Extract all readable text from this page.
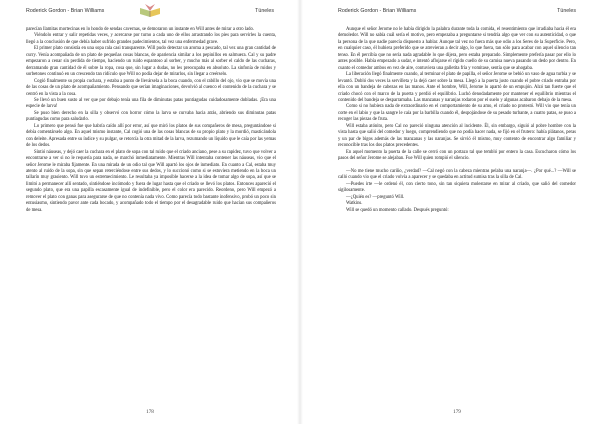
Roderick Gordon - Brian Williams	Túneles

parecían llamitas mortecinas en lo hondo de sendas cavernas, se demoraron un instante en Will antes de mirar a otro lado.

Viéndolo entrar y salir repetidas veces, y acercarse por turno a cada uno de ellos arrastrando los pies para servirles la cuenta, llegó a la conclusión de que debía haber sufrido grandes padecimientos, tal vez una enfermedad grave.

El primer plato consistía en una sopa rala casi transparente. Will pudo detectar un aroma a pescado, tal vez una gran cantidad de curry. Venía acompañada de un plato de pequeñas cosas blancas, de apariencia similar a los pepinillos en salmuera. Cal y su padre empezaron a cenar sin perdida de tiempo, haciendo un ruido espantoso al sorber, y mucho más al sorber el caldo de las cucharas, derramando gran cantidad de él sobre la ropa, cosa que, sin lugar a dudas, no les preocupaba en absoluto. La sinfonía de ruidos y sorbetones continuó en un crescendo tan ridículo que Will no podía dejar de mirarlos, sin llegar a creérselo.

Cogió finalmente su propia cuchara, y estaba a punto de llevársela a la boca cuando, con el rabillo del ojo, vio que se movía una de las cosas de un plato de acompañamiento. Pensando que serían imaginaciones, devolvió al cuenco el contenido de la cuchara y se centró en la vista a la cosa.

Se llevó un buen susto al ver que por debajo tenía una fila de diminutas patas puntiagudas cuidadosamente dobladas. ¡Era una especie de larva!

Se puso bien derecho en la silla y observó con horror cómo la larva se curvaba hacia atrás, abriendo sus diminutas patas puntiagudas como para saludarlo.

Lo primero que pensó fue que habría caído allí por error, así que miró los platos de sus compañeros de mesa, preguntándose si debía comentárselo algo. En aquel mismo instante, Cal cogió una de las cosas blancas de su propio plato y la mordió, masticándola con deleite. Apresada entre su índice y su pulgar, se retorcía la otra mitad de la larva, rezumando un líquido que le caía por las yemas de los dedos.

Sintió náuseas, y dejó caer la cuchara en el plato de sopa con tal ruido que el criado anciano, pese a su rapidez, tuvo que volver a encontrarse a ver si no le requería para nada, se marchó inmediatamente. Mientras Will intentaba contener las náuseas, vio que el señor Jerome le miraba fijamente. En una mirada de un odio tal que Will apartó los ojos de inmediato. En cuanto a Cal, estaba muy atento al ruido de la sopa, sin que sepan reterciéndose entre sus dedos, y lo succionó como si se estuviera metiendo en la boca un tallarín muy grasiento. Will tuvo un estremecimiento. Le resultaba ya imposible hacerse a la idea de tomar algo de sopa, así que se limitó a permanecer allí sentado, sintiéndose incómodo y fuera de lugar hasta que el criado se llevó los platos. Entonces apareció el segundo plato, que era una papilla escasamente igual de indefinible, pero el color era parecido. Reordeno, pero Will empezó a remover el plato con ganas para asegurarse de que no contenía nada vivo. Como parecía todo bastante inofensivo, probó un poco sin entusiasmo, sintiendo pavor ante cada bocado, y acompañado todo el tiempo por el desagradable ruido que hacían sus compañeros de mesa.

178
Roderick Gordon - Brian Williams	Túneles

Aunque el señor Jerome no le había dirigido la palabra durante toda la comida, el resentimiento que irradiaba hacia él era demoledor. Will no sabía cuál sería el motivo, pero empezaba a preguntarse si tendría algo que ver con su autenticidad, o que la persona de la que nadie parecía dispuesto a hablar. Aunque tal vez no fuera más que odio a los Seres de la Superficie. Pero, en cualquier caso, él hubiera preferido que se atrevieran a decir algo, lo que fuera, tan sólo para acabar con aquel silencio tan tenso. En él percibía que no sería nada agradable lo que dijera, pero estaba preparado. Simplemente prefería pasar por ello lo antes posible. Había empezado a sudar, e intentó aflojarse el rígido cuello de su camisa nueva pasando un dedo por dentro. En cuanto el comedor ambos en vez de aire, contuviera una galletita fría y vomitase, sentía que se ahogaba.

La liberación llegó finalmente cuando, al terminar el plato de papilla, el señor Jerome se bebió un vaso de agua turbia y se levantó. Dobló dos veces la servilleta y la dejó caer sobre la mesa. Llegó a la puerta justo cuando el pobre criado entraba por ella con un bandeja de cabezas en las manos. Ante el hombre, Will, Jerome lo apartó de un empujón. Alzó tan fuerte que el criado chocó con el marco de la puerta y perdió el equilibrio. Luchó denodadamente por mantener el equilibrio mientras el contenido del bandeja se desparramaba. Las manzanas y naranjas rodaron por el suelo y algunas acabaron debajo de la mesa.

Como si no hubiera nada de extraordinario en el comportamiento de su amo, el criado no protestó. Will vio que tenía un corte en el labio y que la sangre le caía por la barbilla cuando él, despojándose de su pesado turbante, a cuatro patas, se puso a recoger las piezas de fruta.

Will estaba atónito, pero Cal no pareció ninguna atención al incidente. Él, sin embargo, siguió al pobre hombre con la vista hasta que salió del comedor y luego, comprendiendo que no podía hacer nada, se fijó en el frutero: había plátanos, peras y un par de bigos además de las manzanas y las naranjas. Se sirvió él mismo, muy contento de encontrar algo familiar y reconocible tras los dos platos precedentes.

En aquel momento la puerta de la calle se cerró con un portazo tal que tembló por entero la casa. Escucharon cómo los pasos del señor Jerome se alejaban. Fue Will quien rompió el silencio.

—No me tiene mucho cariño, ¿verdad? —Cal negó con la cabeza mientras pelaba una naranja—. ¿Por qué...? —Will se calló cuando vio que el criado volvía a aparecer y se quedaba en actitud sumisa tras la silla de Cal.

—Puedes irte —le ordenó él, con cierto tono, sin tan siquiera molestarse en mirar al criado, que salió del comedor sigilosamente.

—¿Quién es? —preguntó Will.

Watkins.

Will se quedó un momento callado. Después preguntó:

179
